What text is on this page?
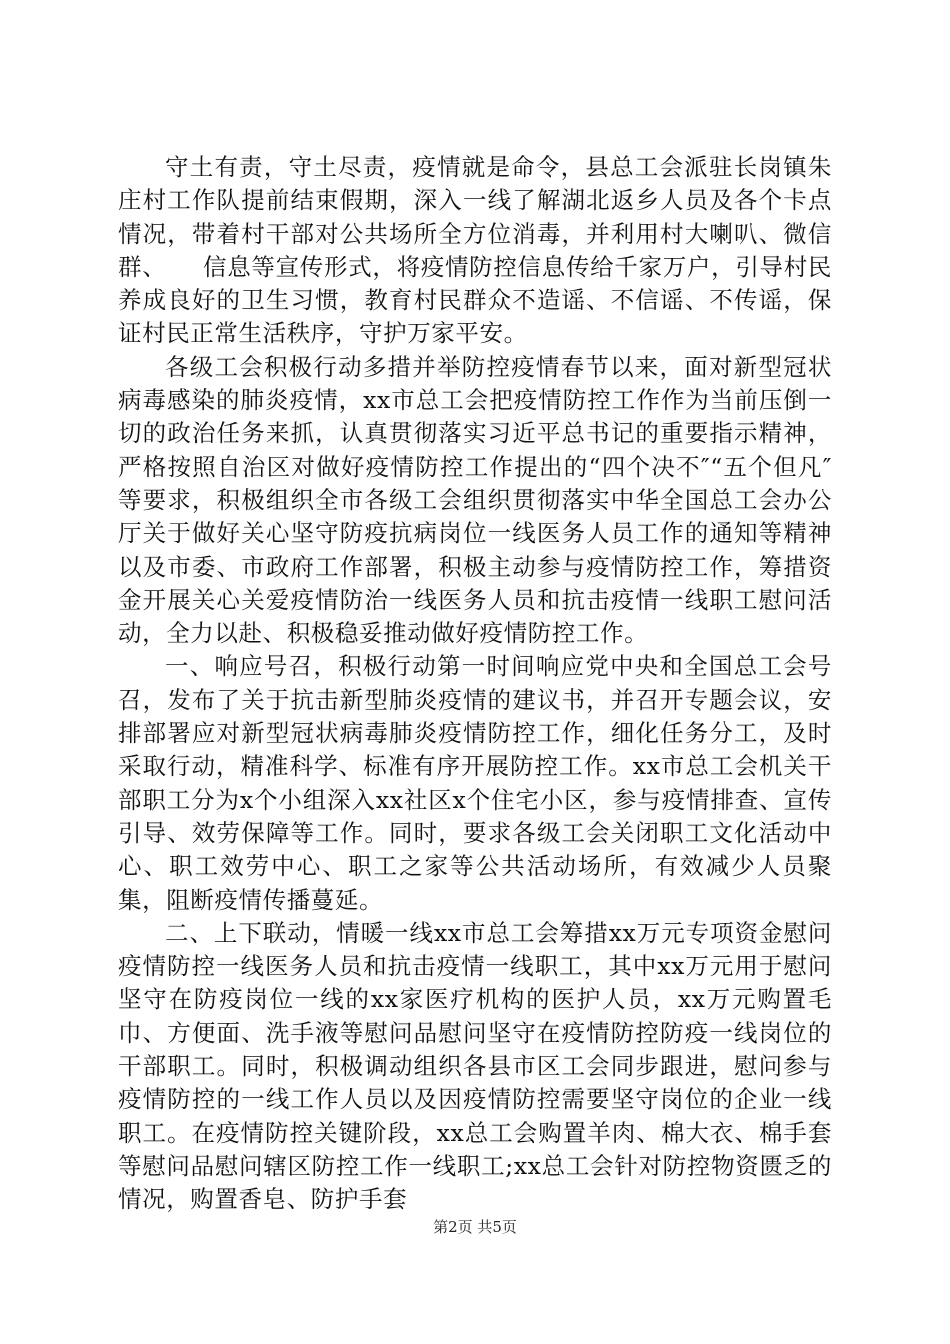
守土有责，守土尽责，疫情就是命令，县总工会派驻长岗镇朱庄村工作队提前结束假期，深入一线了解湖北返乡人员及各个卡点情况，带着村干部对公共场所全方位消毒，并利用村大喇叭、微信群、　　信息等宣传形式，将疫情防控信息传给千家万户，引导村民养成良好的卫生习惯，教育村民群众不造谣、不信谣、不传谣，保证村民正常生活秩序，守护万家平安。

各级工会积极行动多措并举防控疫情春节以来，面对新型冠状病毒感染的肺炎疫情，xx市总工会把疫情防控工作作为当前压倒一切的政治任务来抓，认真贯彻落实习近平总书记的重要指示精神，严格按照自治区对做好疫情防控工作提出的“四个决不″“五个但凡″等要求，积极组织全市各级工会组织贯彻落实中华全国总工会办公厅关于做好关心坚守防疫抗病岗位一线医务人员工作的通知等精神以及市委、市政府工作部署，积极主动参与疫情防控工作，筹措资金开展关心关爱疫情防治一线医务人员和抗击疫情一线职工慰问活动，全力以赴、积极稳妥推动做好疫情防控工作。

一、响应号召，积极行动第一时间响应党中央和全国总工会号召，发布了关于抗击新型肺炎疫情的建议书，并召开专题会议，安排部署应对新型冠状病毒肺炎疫情防控工作，细化任务分工，及时采取行动，精准科学、标准有序开展防控工作。xx市总工会机关干部职工分为x个小组深入xx社区x个住宅小区，参与疫情排查、宣传引导、效劳保障等工作。同时，要求各级工会关闭职工文化活动中心、职工效劳中心、职工之家等公共活动场所，有效减少人员聚集，阻断疫情传播蔓延。

二、上下联动，情暖一线xx市总工会筹措xx万元专项资金慰问疫情防控一线医务人员和抗击疫情一线职工，其中xx万元用于慰问坚守在防疫岗位一线的xx家医疗机构的医护人员，xx万元购置毛巾、方便面、洗手液等慰问品慰问坚守在疫情防控防疫一线岗位的干部职工。同时，积极调动组织各县市区工会同步跟进，慰问参与疫情防控的一线工作人员以及因疫情防控需要坚守岗位的企业一线职工。在疫情防控关键阶段，xx总工会购置羊肉、棉大衣、棉手套等慰问品慰问辖区防控工作一线职工;xx总工会针对防控物资匮乏的情况，购置香皂、防护手套

第2页 共5页
